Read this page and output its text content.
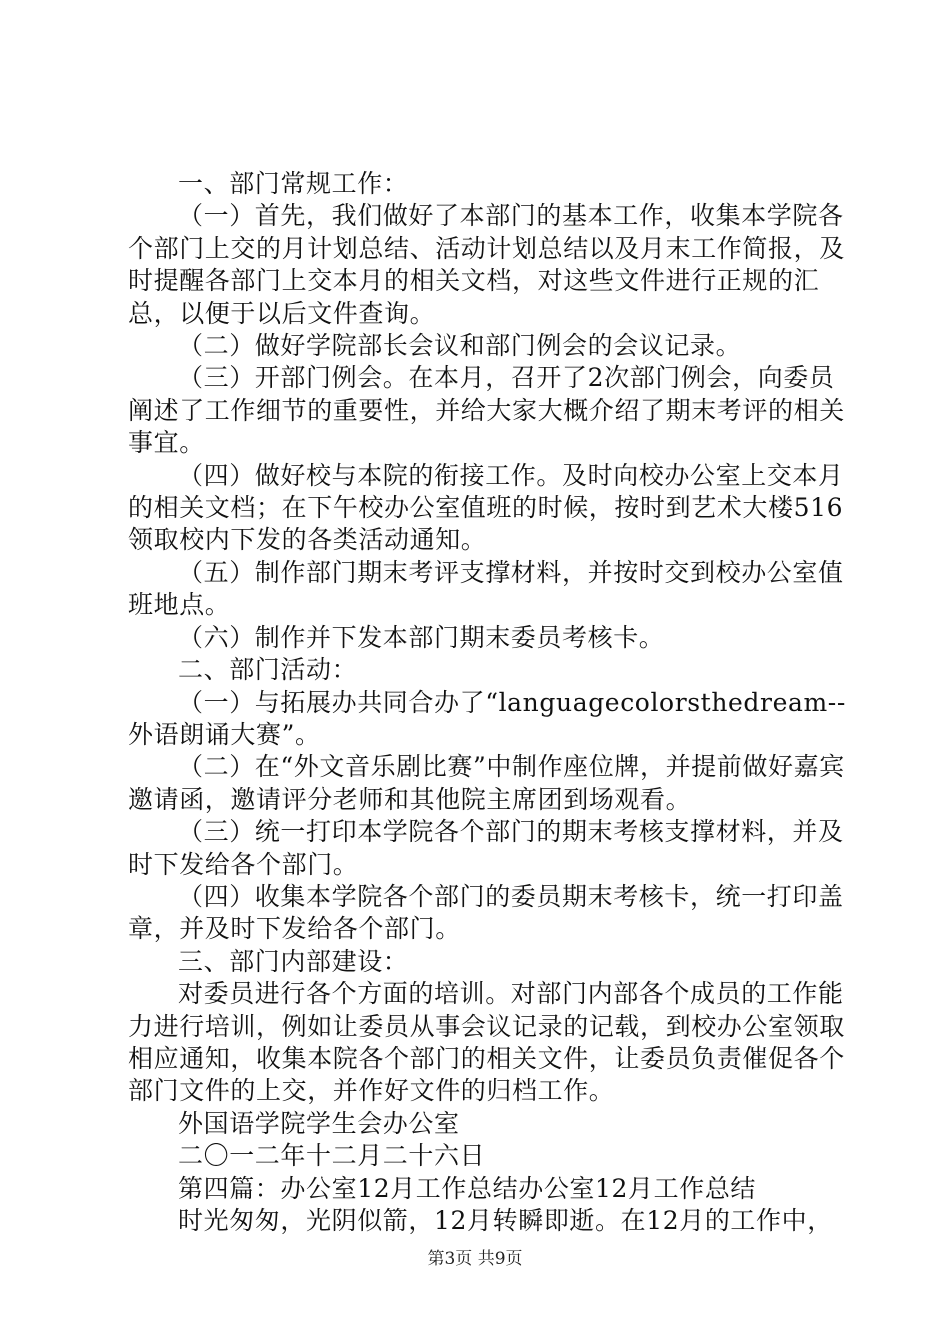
一、部门常规工作：

（一）首先，我们做好了本部门的基本工作，收集本学院各个部门上交的月计划总结、活动计划总结以及月末工作简报，及时提醒各部门上交本月的相关文档，对这些文件进行正规的汇总，以便于以后文件查询。

（二）做好学院部长会议和部门例会的会议记录。

（三）开部门例会。在本月，召开了2次部门例会，向委员阐述了工作细节的重要性，并给大家大概介绍了期末考评的相关事宜。

（四）做好校与本院的衔接工作。及时向校办公室上交本月的相关文档；在下午校办公室值班的时候，按时到艺术大楼516领取校内下发的各类活动通知。

（五）制作部门期末考评支撑材料，并按时交到校办公室值班地点。

（六）制作并下发本部门期末委员考核卡。

二、部门活动：

（一）与拓展办共同合办了“languagecolorsthedream--外语朗诵大赛”。

（二）在“外文音乐剧比赛”中制作座位牌，并提前做好嘉宾邀请函，邀请评分老师和其他院主席团到场观看。

（三）统一打印本学院各个部门的期末考核支撑材料，并及时下发给各个部门。

（四）收集本学院各个部门的委员期末考核卡，统一打印盖章，并及时下发给各个部门。

三、部门内部建设：

对委员进行各个方面的培训。对部门内部各个成员的工作能力进行培训，例如让委员从事会议记录的记载，到校办公室领取相应通知，收集本院各个部门的相关文件，让委员负责催促各个部门文件的上交，并作好文件的归档工作。

外国语学院学生会办公室

二〇一二年十二月二十六日

第四篇：办公室12月工作总结办公室12月工作总结

时光匆匆，光阴似箭，12月转瞬即逝。在12月的工作中，

第3页 共9页
